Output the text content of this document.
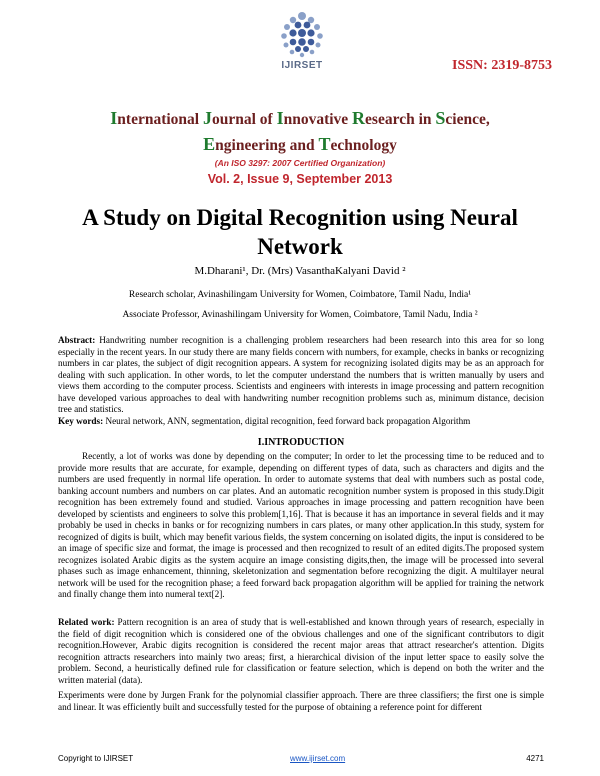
IJIRSET	ISSN: 2319-8753
International Journal of Innovative Research in Science,
Engineering and Technology
(An ISO 3297: 2007 Certified Organization)
Vol. 2, Issue 9, September 2013
A Study on Digital Recognition using Neural Network
M.Dharani¹, Dr. (Mrs) VasanthaKalyani David ²
Research scholar, Avinashilingam University for Women, Coimbatore, Tamil Nadu, India¹
Associate Professor, Avinashilingam University for Women, Coimbatore, Tamil Nadu, India ²
Abstract: Handwriting number recognition is a challenging problem researchers had been research into this area for so long especially in the recent years. In our study there are many fields concern with numbers, for example, checks in banks or recognizing numbers in car plates, the subject of digit recognition appears. A system for recognizing isolated digits may be as an approach for dealing with such application. In other words, to let the computer understand the numbers that is written manually by users and views them according to the computer process. Scientists and engineers with interests in image processing and pattern recognition have developed various approaches to deal with handwriting number recognition problems such as, minimum distance, decision tree and statistics.
Key words: Neural network, ANN, segmentation, digital recognition, feed forward back propagation Algorithm
I.INTRODUCTION
Recently, a lot of works was done by depending on the computer; In order to let the processing time to be reduced and to provide more results that are accurate, for example, depending on different types of data, such as characters and digits and the numbers are used frequently in normal life operation. In order to automate systems that deal with numbers such as postal code, banking account numbers and numbers on car plates. And an automatic recognition number system is proposed in this study.Digit recognition has been extremely found and studied. Various approaches in image processing and pattern recognition have been developed by scientists and engineers to solve this problem[1,16]. That is because it has an importance in several fields and it may probably be used in checks in banks or for recognizing numbers in cars plates, or many other application.In this study, system for recognized of digits is built, which may benefit various fields, the system concerning on isolated digits, the input is considered to be an image of specific size and format, the image is processed and then recognized to result of an edited digits.The proposed system recognizes isolated Arabic digits as the system acquire an image consisting digits,then, the image will be processed into several phases such as image enhancement, thinning, skeletonization and segmentation before recognizing the digit. A multilayer neural network will be used for the recognition phase; a feed forward back propagation algorithm will be applied for training the network and finally change them into numeral text[2].
Related work: Pattern recognition is an area of study that is well-established and known through years of research, especially in the field of digit recognition which is considered one of the obvious challenges and one of the significant contributors to digit recognition.However, Arabic digits recognition is considered the recent major areas that attract researcher's attention. Digits recognition attracts researchers into mainly two areas; first, a hierarchical division of the input letter space to easily solve the problem. Second, a heuristically defined rule for classification or feature selection, which is depend on both the writer and the written material (data).
Experiments were done by Jurgen Frank for the polynomial classifier approach. There are three classifiers; the first one is simple and linear. It was efficiently built and successfully tested for the purpose of obtaining a reference point for different
Copyright to IJIRSET	www.ijirset.com	4271
